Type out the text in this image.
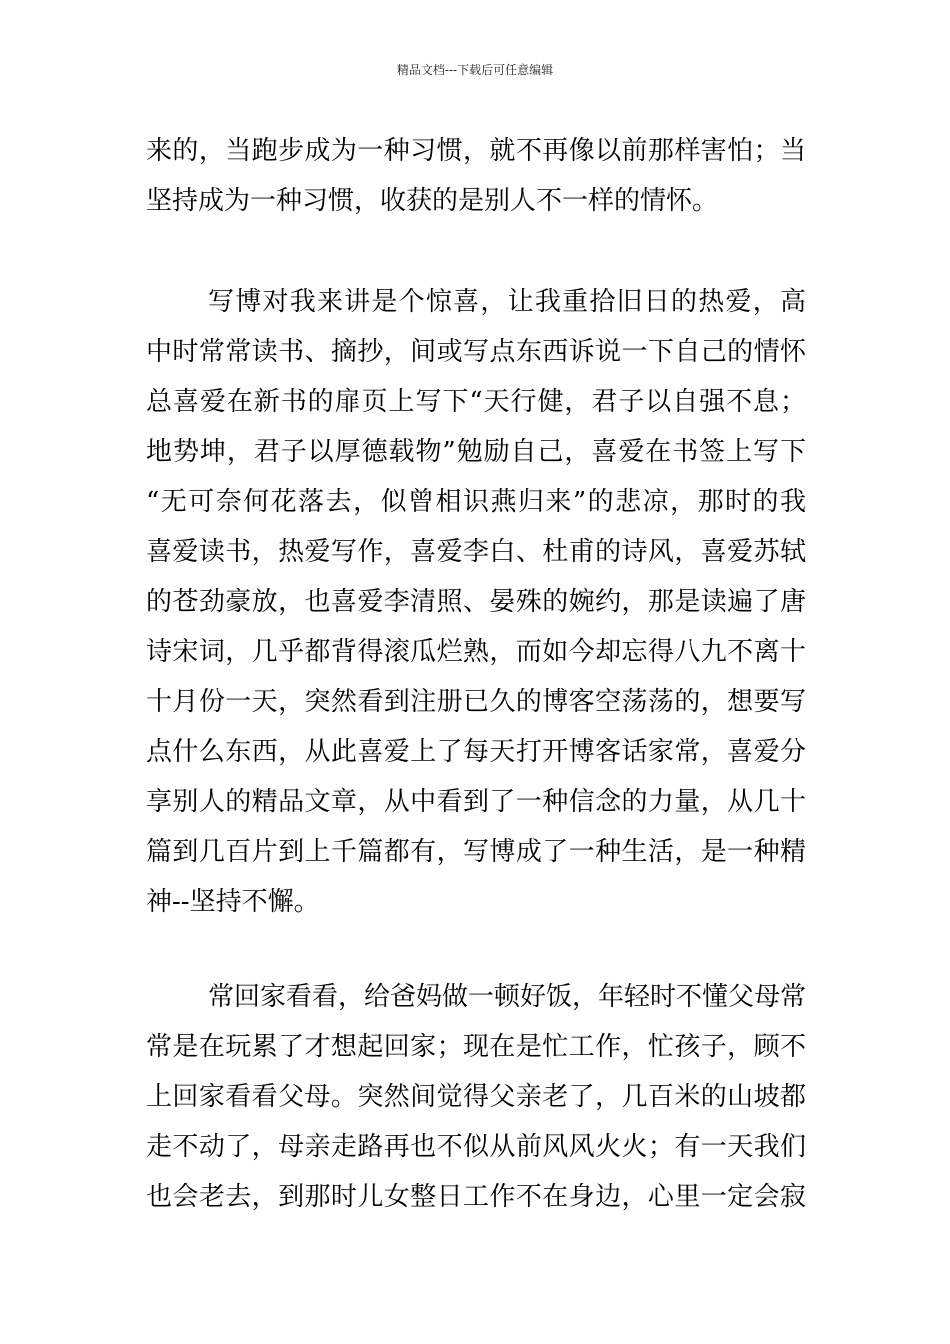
精品文档---下载后可任意编辑
来的，当跑步成为一种习惯，就不再像以前那样害怕；当
坚持成为一种习惯，收获的是别人不一样的情怀。
写博对我来讲是个惊喜，让我重拾旧日的热爱，高
中时常常读书、摘抄，间或写点东西诉说一下自己的情怀
总喜爱在新书的扉页上写下“天行健，君子以自强不息；
地势坤，君子以厚德载物”勉励自己，喜爱在书签上写下
“无可奈何花落去，似曾相识燕归来”的悲凉，那时的我
喜爱读书，热爱写作，喜爱李白、杜甫的诗风，喜爱苏轼
的苍劲豪放，也喜爱李清照、晏殊的婉约，那是读遍了唐
诗宋词，几乎都背得滚瓜烂熟，而如今却忘得八九不离十
十月份一天，突然看到注册已久的博客空荡荡的，想要写
点什么东西，从此喜爱上了每天打开博客话家常，喜爱分
享别人的精品文章，从中看到了一种信念的力量，从几十
篇到几百片到上千篇都有，写博成了一种生活，是一种精
神--坚持不懈。
常回家看看，给爸妈做一顿好饭，年轻时不懂父母常
常是在玩累了才想起回家；现在是忙工作，忙孩子，顾不
上回家看看父母。突然间觉得父亲老了，几百米的山坡都
走不动了，母亲走路再也不似从前风风火火；有一天我们
也会老去，到那时儿女整日工作不在身边，心里一定会寂
